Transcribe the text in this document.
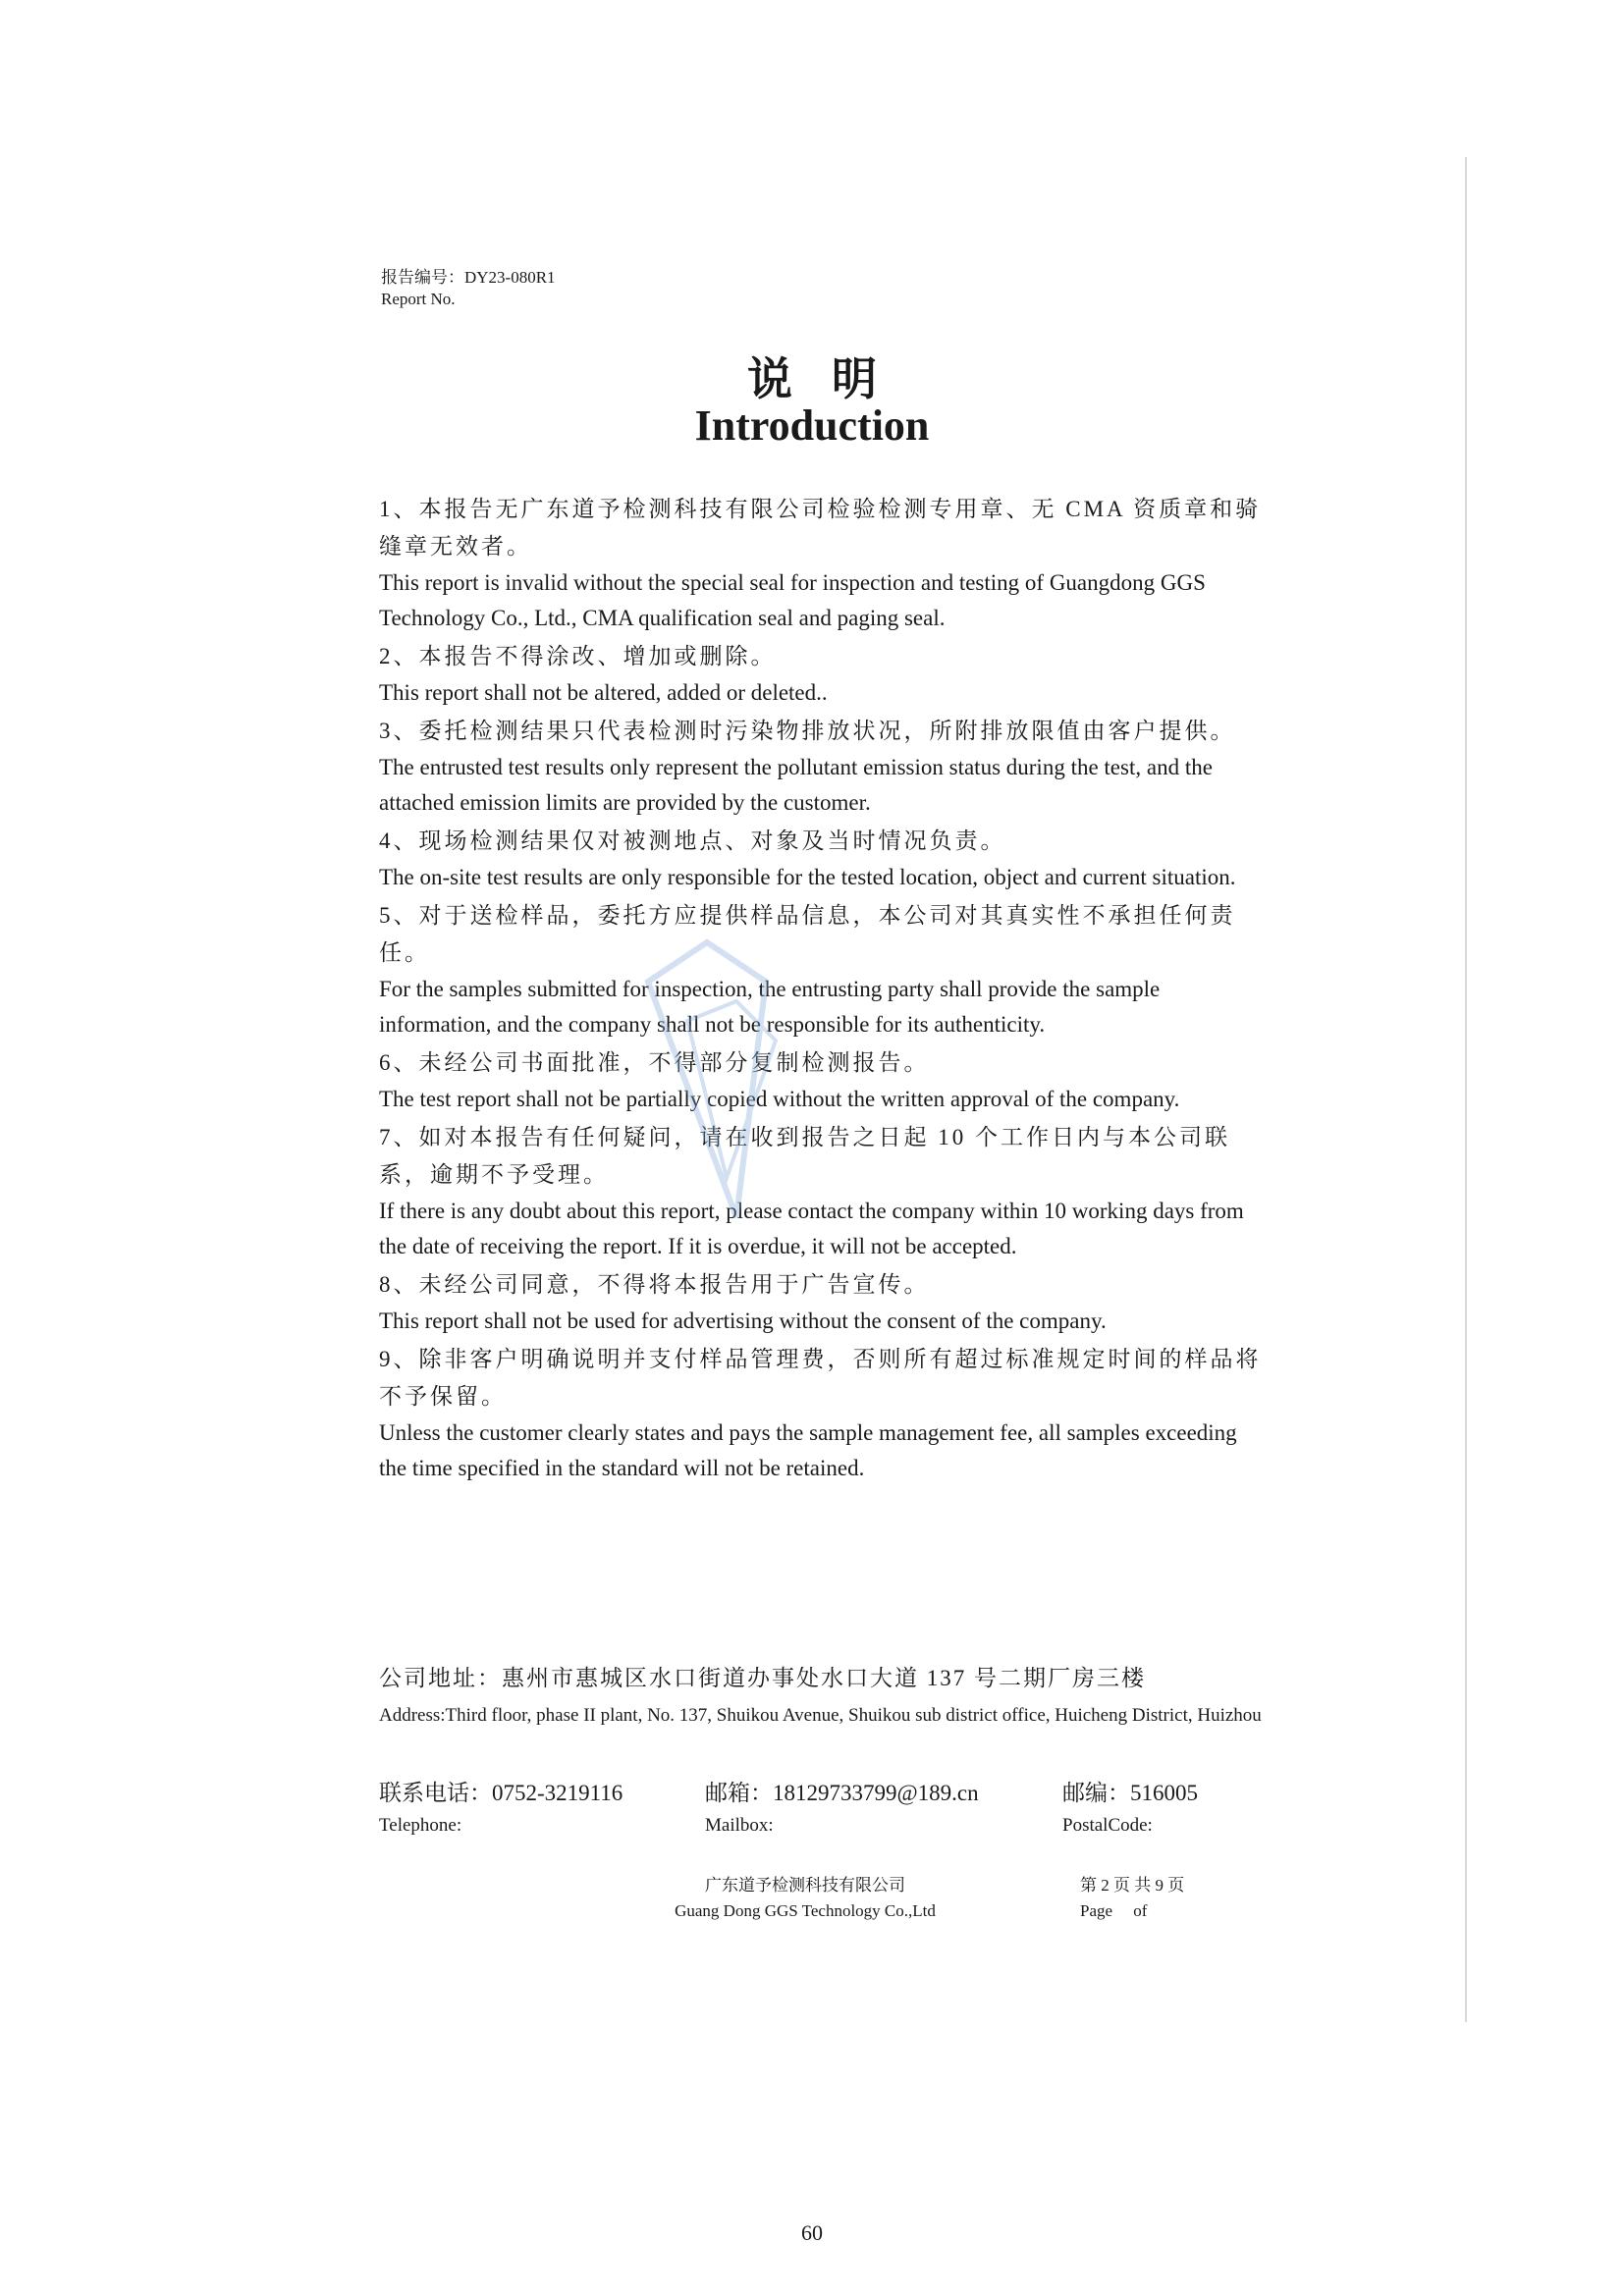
报告编号：DY23-080R1
Report No.
说明
Introduction
1、本报告无广东道予检测科技有限公司检验检测专用章、无 CMA 资质章和骑缝章无效者。
This report is invalid without the special seal for inspection and testing of Guangdong GGS Technology Co., Ltd., CMA qualification seal and paging seal.
2、本报告不得涂改、增加或删除。
This report shall not be altered, added or deleted..
3、委托检测结果只代表检测时污染物排放状况，所附排放限值由客户提供。
The entrusted test results only represent the pollutant emission status during the test, and the attached emission limits are provided by the customer.
4、现场检测结果仅对被测地点、对象及当时情况负责。
The on-site test results are only responsible for the tested location, object and current situation.
5、对于送检样品，委托方应提供样品信息，本公司对其真实性不承担任何责任。
For the samples submitted for inspection, the entrusting party shall provide the sample information, and the company shall not be responsible for its authenticity.
6、未经公司书面批准，不得部分复制检测报告。
The test report shall not be partially copied without the written approval of the company.
7、如对本报告有任何疑问，请在收到报告之日起 10 个工作日内与本公司联系，逾期不予受理。
If there is any doubt about this report, please contact the company within 10 working days from the date of receiving the report. If it is overdue, it will not be accepted.
8、未经公司同意，不得将本报告用于广告宣传。
This report shall not be used for advertising without the consent of the company.
9、除非客户明确说明并支付样品管理费，否则所有超过标准规定时间的样品将不予保留。
Unless the customer clearly states and pays the sample management fee, all samples exceeding the time specified in the standard will not be retained.
公司地址：惠州市惠城区水口街道办事处水口大道 137 号二期厂房三楼
Address:Third floor, phase II plant, No. 137, Shuikou Avenue, Shuikou sub district office, Huicheng District, Huizhou
联系电话：0752-3219116
Telephone:
邮箱：18129733799@189.cn
Mailbox:
邮编：516005
PostalCode:
广东道予检测科技有限公司
Guang Dong GGS Technology Co.,Ltd
第 2 页 共 9 页
Page     of
60
